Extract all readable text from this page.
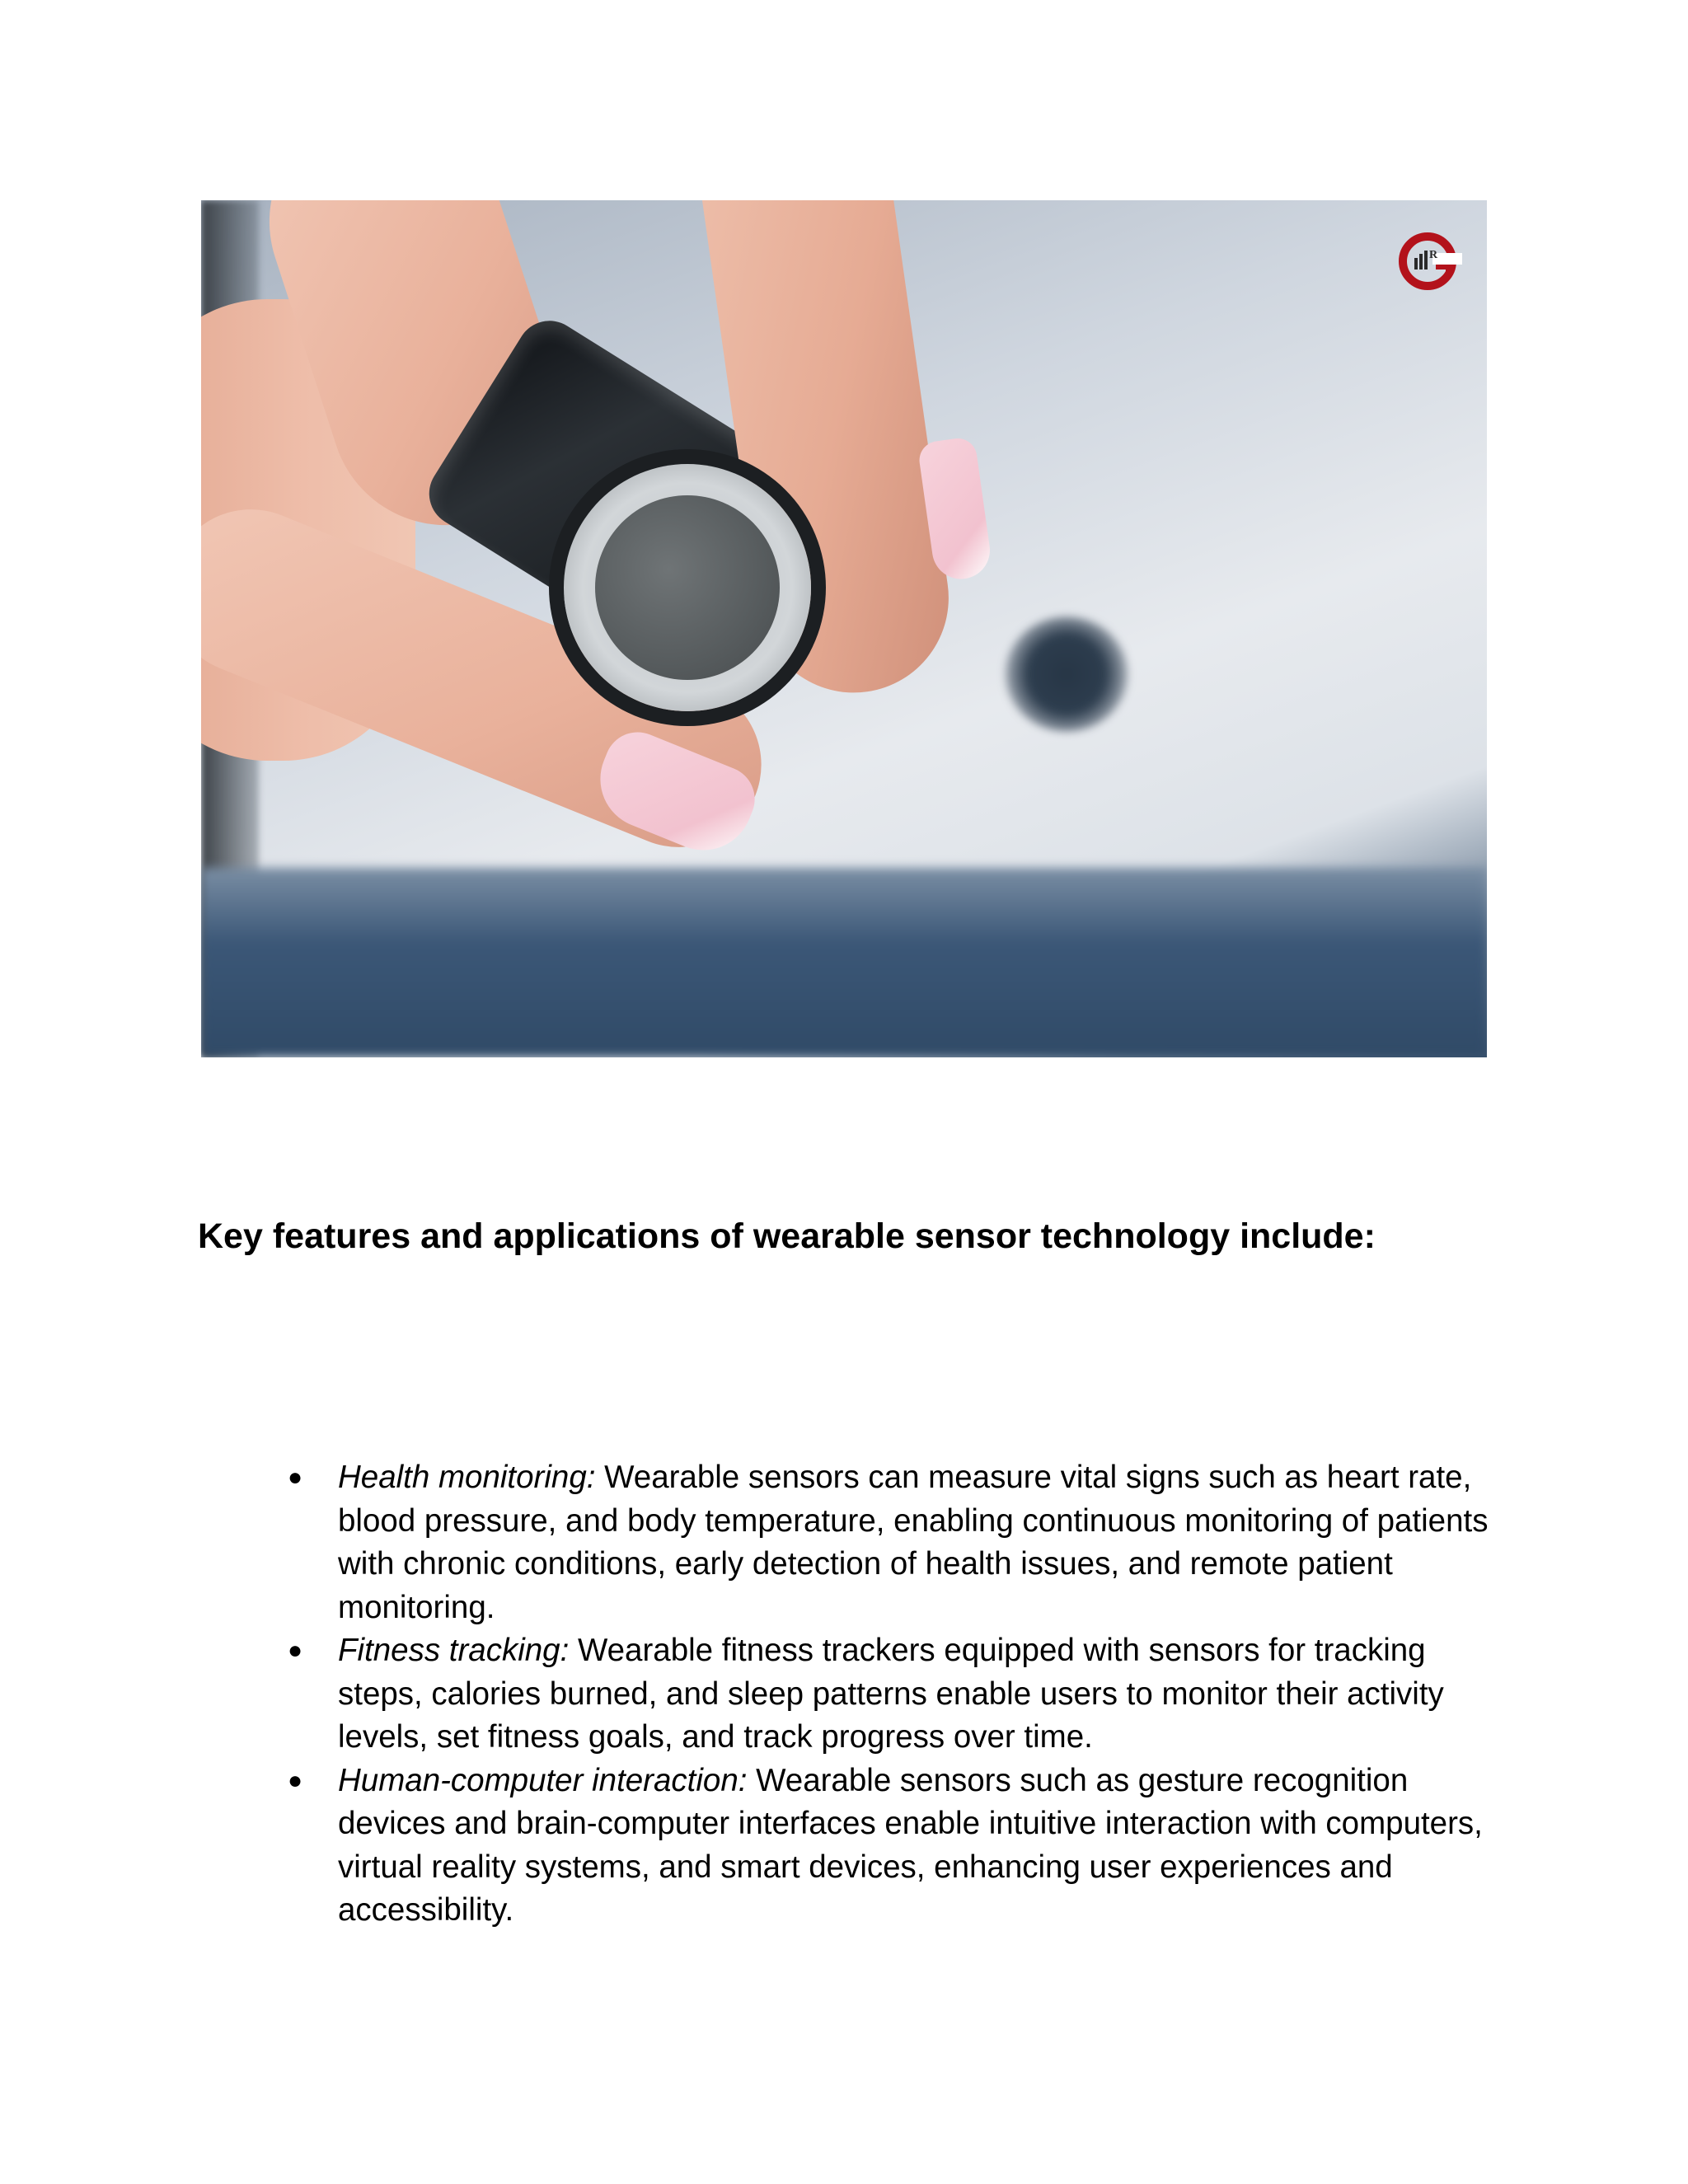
R
Key features and applications of wearable sensor technology include:
● Health monitoring: Wearable sensors can measure vital signs such as heart rate, blood pressure, and body temperature, enabling continuous monitoring of patients with chronic conditions, early detection of health issues, and remote patient monitoring.
● Fitness tracking: Wearable fitness trackers equipped with sensors for tracking steps, calories burned, and sleep patterns enable users to monitor their activity levels, set fitness goals, and track progress over time.
● Human-computer interaction: Wearable sensors such as gesture recognition devices and brain-computer interfaces enable intuitive interaction with computers, virtual reality systems, and smart devices, enhancing user experiences and accessibility.
